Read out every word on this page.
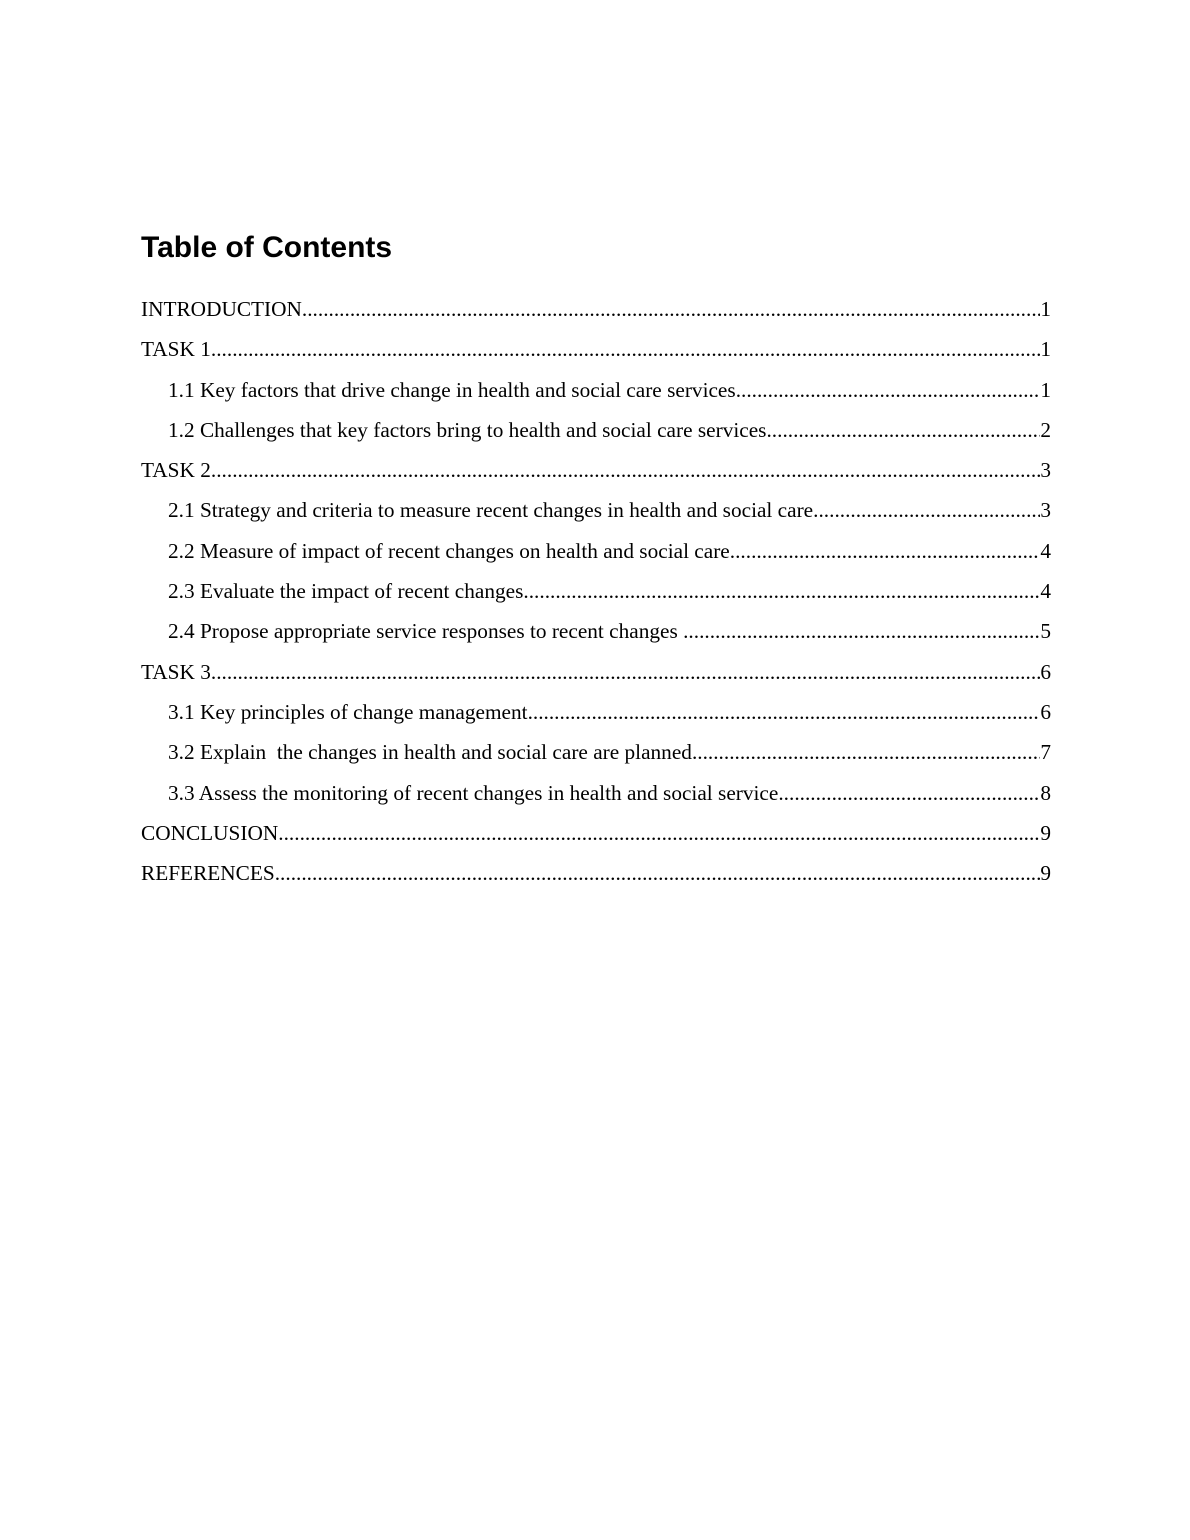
Table of Contents
INTRODUCTION .....	1
TASK 1 .....	1
1.1 Key factors that drive change in health and social care services .....	1
1.2 Challenges that key factors bring to health and social care services .....	2
TASK 2 .....	3
2.1 Strategy and criteria to measure recent changes in health and social care .....	3
2.2 Measure of impact of recent changes on health and social care .....	4
2.3 Evaluate the impact of recent changes .....	4
2.4 Propose appropriate service responses to recent changes .....	5
TASK 3 .....	6
3.1 Key principles of change management .....	6
3.2 Explain  the changes in health and social care are planned .....	7
3.3 Assess the monitoring of recent changes in health and social service .....	8
CONCLUSION .....	9
REFERENCES .....	9
